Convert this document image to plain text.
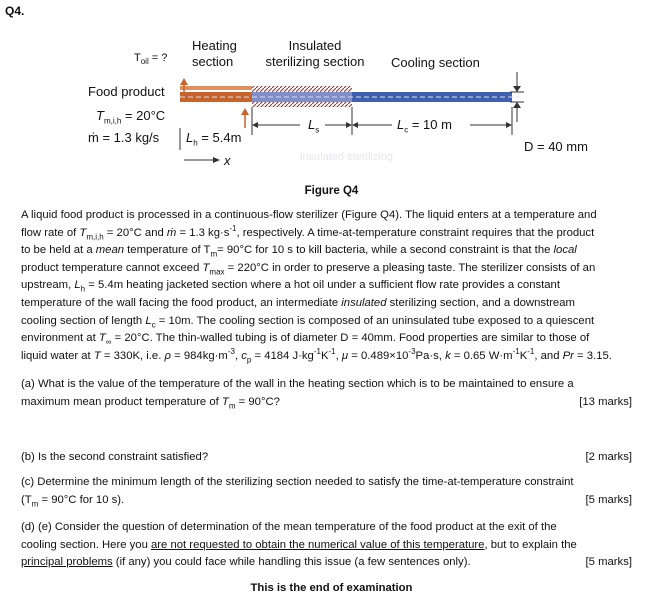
Q4.
insulated sterilizing
$T_{oil}$ = ?
Heating
section
Insulated
sterilizing section	Cooling section
Food product
$T_{m,i,h} = 20^\circ C$
ṁ = 1.3 kg/s $L_h = 5.4m$
$L_s$	$L_c = 10$ m
D = 40 mm
x
Figure Q4
A liquid food product is processed in a continuous-flow sterilizer (Figure Q4). The liquid enters at a temperature and
flow rate of $T_{m,i,h} = 20^\circ C$ and ṁ = 1.3 $kg\cdot s^{-1}$, respectively. A time-at-temperature constraint requires that the product
to be held at a mean temperature of $T_m= 90^\circ C$ for 10 s to kill bacteria, while a second constraint is that the local
product temperature cannot exceed $T_{max} = 220^\circ C$ in order to preserve a pleasing taste. The sterilizer consists of an
upstream, $L_h = 5.4m$ heating jacketed section where a hot oil under a sufficient flow rate provides a constant
temperature of the wall facing the food product, an intermediate insulated sterilizing section, and a downstream
cooling section of length $L_c = 10m$. The cooling section is composed of an uninsulated tube exposed to a quiescent
environment at $T_\infty = 20^\circ C$. The thin-walled tubing is of diameter D = 40mm. Food properties are similar to those of
liquid water at T = 330K, i.e. $\rho = 984kg\cdot m^{-3}$, $c_p = 4184$ $J\cdot kg^{-1}K^{-1}$, $\mu = 0.489\times 10^{-3}Pa\cdot s$, k = 0.65 $W\cdot m^{-1}K^{-1}$, and Pr = 3.15.
(a) What is the value of the temperature of the wall in the heating section which is to be maintained to ensure a
maximum mean product temperature of $T_m = 90^\circ C$?	[13 marks]
(b) Is the second constraint satisfied?	[2 marks]
(c) Determine the minimum length of the sterilizing section needed to satisfy the time-at-temperature constraint
($T_m = 90^\circ C$ for 10 s).	[5 marks]
(d) (e) Consider the question of determination of the mean temperature of the food product at the exit of the
cooling section. Here you are not requested to obtain the numerical value of this temperature, but to explain the
principal problems (if any) you could face while handling this issue (a few sentences only).	[5 marks]
This is the end of examination
